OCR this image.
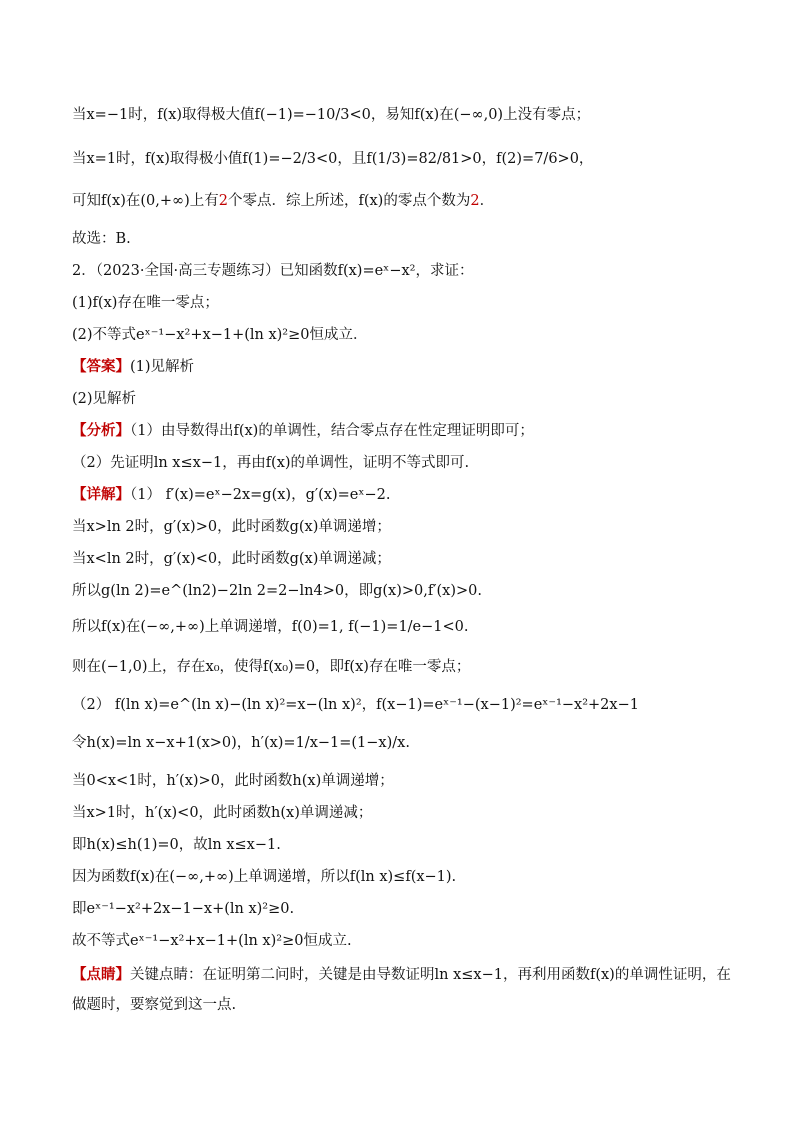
当x=−1时，f(x)取得极大值f(−1)=−10/3<0，易知f(x)在(−∞,0)上没有零点；
当x=1时，f(x)取得极小值f(1)=−2/3<0，且f(1/3)=82/81>0，f(2)=7/6>0，
可知f(x)在(0,+∞)上有2个零点．综上所述，f(x)的零点个数为2．
故选：B.
2．（2023·全国·高三专题练习）已知函数f(x)=eˣ−x²，求证：
(1)f(x)存在唯一零点；
(2)不等式eˣ⁻¹−x²+x−1+(ln x)²≥0恒成立．
【答案】(1)见解析
(2)见解析
【分析】（1）由导数得出f(x)的单调性，结合零点存在性定理证明即可；
（2）先证明ln x≤x−1，再由f(x)的单调性，证明不等式即可.
【详解】（1） f′(x)=eˣ−2x=g(x)，g′(x)=eˣ−2.
当x>ln 2时，g′(x)>0，此时函数g(x)单调递增；
当x<ln 2时，g′(x)<0，此时函数g(x)单调递减；
所以g(ln 2)=e^(ln2)−2ln 2=2−ln4>0，即g(x)>0,f′(x)>0.
所以f(x)在(−∞,+∞)上单调递增，f(0)=1, f(−1)=1/e−1<0.
则在(−1,0)上，存在x₀，使得f(x₀)=0，即f(x)存在唯一零点；
（2） f(ln x)=e^(ln x)−(ln x)²=x−(ln x)²，f(x−1)=eˣ⁻¹−(x−1)²=eˣ⁻¹−x²+2x−1
令h(x)=ln x−x+1(x>0)，h′(x)=1/x−1=(1−x)/x.
当0<x<1时，h′(x)>0，此时函数h(x)单调递增；
当x>1时，h′(x)<0，此时函数h(x)单调递减；
即h(x)≤h(1)=0，故ln x≤x−1.
因为函数f(x)在(−∞,+∞)上单调递增，所以f(ln x)≤f(x−1).
即eˣ⁻¹−x²+2x−1−x+(ln x)²≥0.
故不等式eˣ⁻¹−x²+x−1+(ln x)²≥0恒成立.
【点睛】关键点睛：在证明第二问时，关键是由导数证明ln x≤x−1，再利用函数f(x)的单调性证明，在做题时，要察觉到这一点.
